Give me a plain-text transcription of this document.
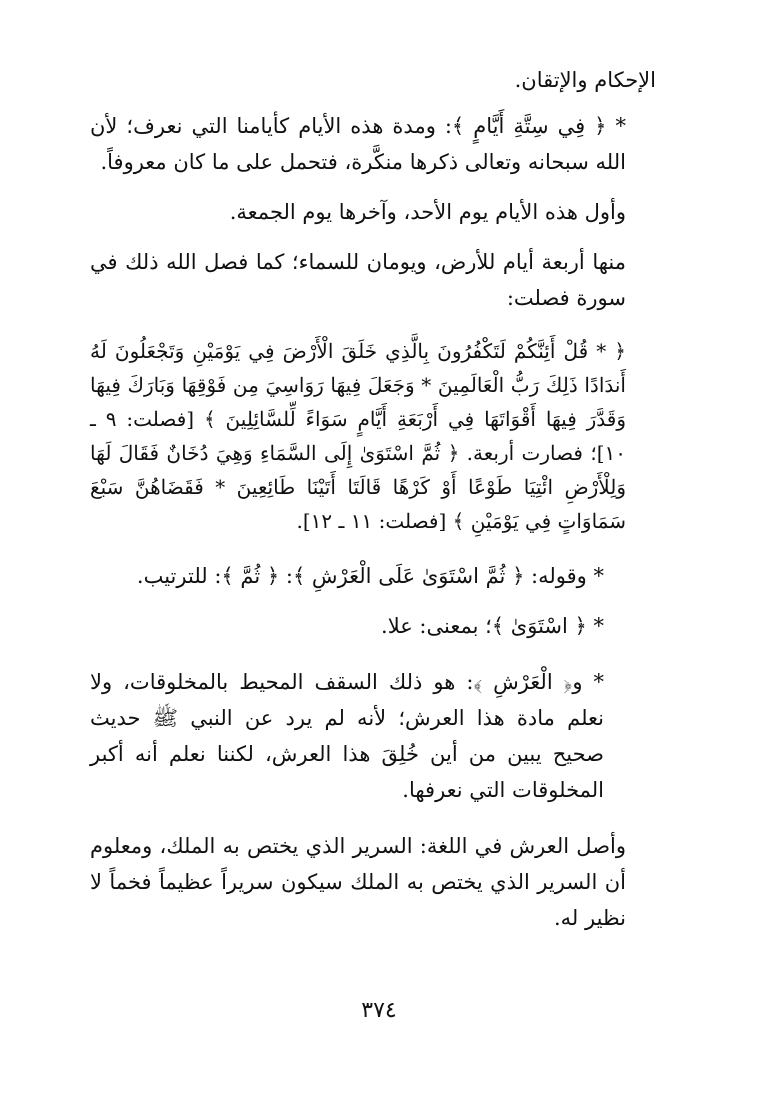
الإحكام والإتقان.

* ﴿ فِي سِتَّةِ أَيَّامٍ ﴾: ومدة هذه الأيام كأيامنا التي نعرف؛ لأن الله سبحانه وتعالى ذكرها منكَّرة، فتحمل على ما كان معروفاً.

وأول هذه الأيام يوم الأحد، وآخرها يوم الجمعة.

منها أربعة أيام للأرض، ويومان للسماء؛ كما فصل الله ذلك في سورة فصلت:

﴿ * قُلْ أَئِنَّكُمْ لَتَكْفُرُونَ بِالَّذِي خَلَقَ الْأَرْضَ فِي يَوْمَيْنِ وَتَجْعَلُونَ لَهُ أَندَادًا ذَلِكَ رَبُّ الْعَالَمِينَ * وَجَعَلَ فِيهَا رَوَاسِيَ مِن فَوْقِهَا وَبَارَكَ فِيهَا وَقَدَّرَ فِيهَا أَقْوَاتَهَا فِي أَرْبَعَةِ أَيَّامٍ سَوَاءً لِّلسَّائِلِينَ ﴾ [فصلت: ٩ ـ ١٠]؛ فصارت أربعة. ﴿ ثُمَّ اسْتَوَىٰ إِلَى السَّمَاءِ وَهِيَ دُخَانٌ فَقَالَ لَهَا وَلِلْأَرْضِ ائْتِيَا طَوْعًا أَوْ كَرْهًا قَالَتَا أَتَيْنَا طَائِعِينَ * فَقَضَاهُنَّ سَبْعَ سَمَاوَاتٍ فِي يَوْمَيْنِ ﴾ [فصلت: ١١ ـ ١٢].

* وقوله: ﴿ ثُمَّ اسْتَوَىٰ عَلَى الْعَرْشِ ﴾: ﴿ ثُمَّ ﴾: للترتيب.

* ﴿ اسْتَوَىٰ ﴾؛ بمعنى: علا.

* و﴿ الْعَرْشِ ﴾: هو ذلك السقف المحيط بالمخلوقات، ولا نعلم مادة هذا العرش؛ لأنه لم يرد عن النبي ﷺ حديث صحيح يبين من أين خُلِقَ هذا العرش، لكننا نعلم أنه أكبر المخلوقات التي نعرفها.

وأصل العرش في اللغة: السرير الذي يختص به الملك، ومعلوم أن السرير الذي يختص به الملك سيكون سريراً عظيماً فخماً لا نظير له.

٣٧٤
